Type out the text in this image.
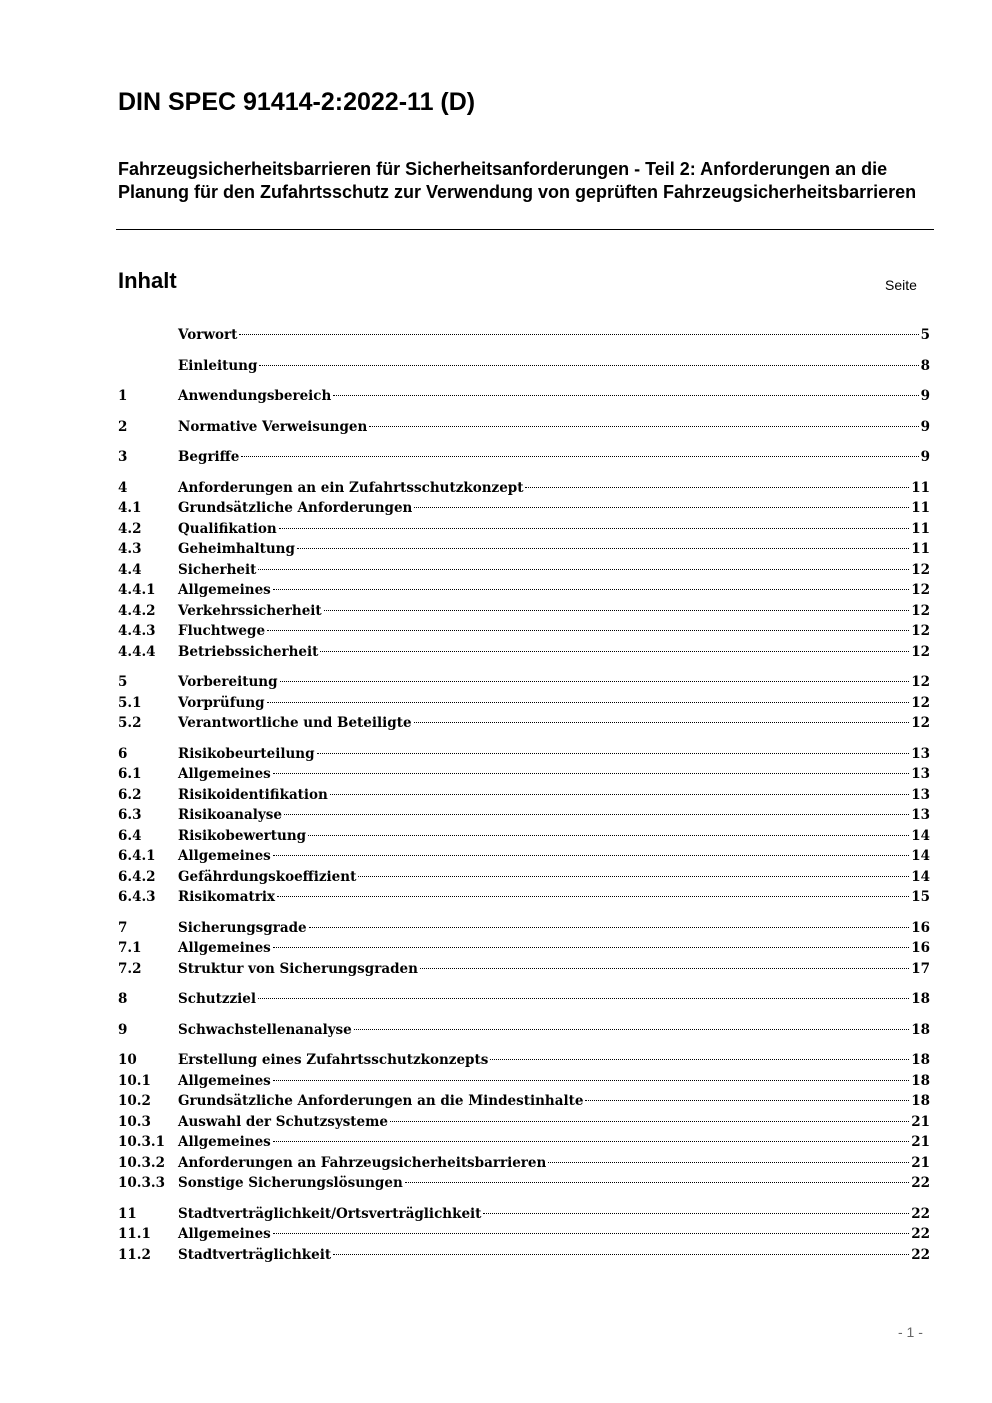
DIN SPEC 91414-2:2022-11 (D)
Fahrzeugsicherheitsbarrieren für Sicherheitsanforderungen - Teil 2: Anforderungen an die Planung für den Zufahrtsschutz zur Verwendung von geprüften Fahrzeugsicherheitsbarrieren
Inhalt	Seite
Vorwort	5
Einleitung	8
1	Anwendungsbereich	9
2	Normative Verweisungen	9
3	Begriffe	9
4	Anforderungen an ein Zufahrtsschutzkonzept	11
4.1	Grundsätzliche Anforderungen	11
4.2	Qualifikation	11
4.3	Geheimhaltung	11
4.4	Sicherheit	12
4.4.1	Allgemeines	12
4.4.2	Verkehrssicherheit	12
4.4.3	Fluchtwege	12
4.4.4	Betriebssicherheit	12
5	Vorbereitung	12
5.1	Vorprüfung	12
5.2	Verantwortliche und Beteiligte	12
6	Risikobeurteilung	13
6.1	Allgemeines	13
6.2	Risikoidentifikation	13
6.3	Risikoanalyse	13
6.4	Risikobewertung	14
6.4.1	Allgemeines	14
6.4.2	Gefährdungskoeffizient	14
6.4.3	Risikomatrix	15
7	Sicherungsgrade	16
7.1	Allgemeines	16
7.2	Struktur von Sicherungsgraden	17
8	Schutzziel	18
9	Schwachstellenanalyse	18
10	Erstellung eines Zufahrtsschutzkonzepts	18
10.1	Allgemeines	18
10.2	Grundsätzliche Anforderungen an die Mindestinhalte	18
10.3	Auswahl der Schutzsysteme	21
10.3.1 Allgemeines	21
10.3.2 Anforderungen an Fahrzeugsicherheitsbarrieren	21
10.3.3 Sonstige Sicherungslösungen	22
11	Stadtverträglichkeit/Ortsverträglichkeit	22
11.1	Allgemeines	22
11.2	Stadtverträglichkeit	22
- 1 -
